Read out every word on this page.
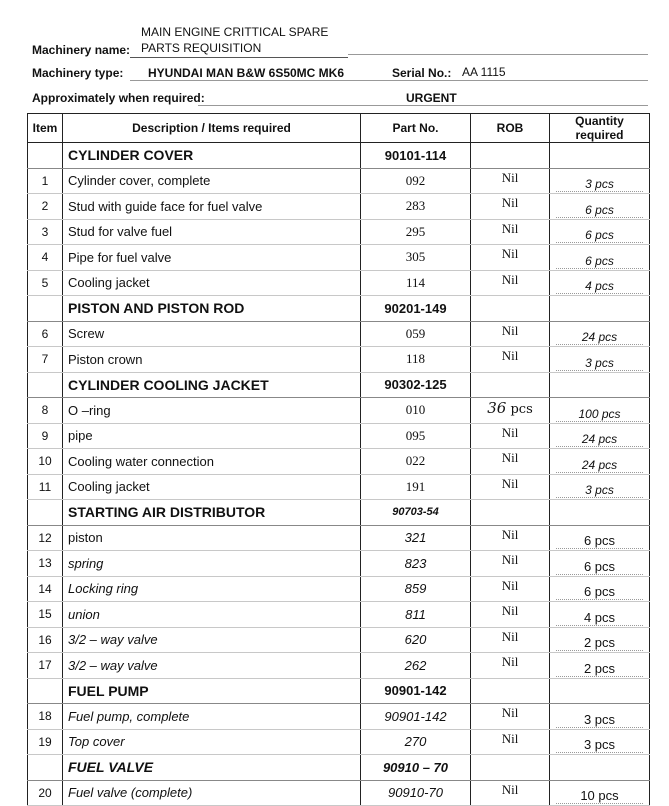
MAIN ENGINE CRITTICAL SPARE
Machinery name: PARTS REQUISITION
Machinery type: HYUNDAI MAN B&W 6S50MC MK6	Serial No.: AA 1115
Approximately when required:	URGENT
Item	Description / Items required	Part No.	ROB	Quantity required
	CYLINDER COVER	90101-114		
1	Cylinder cover, complete	092	Nil	3 pcs
2	Stud with guide face for fuel valve	283	Nil	6 pcs
3	Stud for valve fuel	295	Nil	6 pcs
4	Pipe for fuel valve	305	Nil	6 pcs
5	Cooling jacket	114	Nil	4 pcs
	PISTON AND PISTON ROD	90201-149		
6	Screw	059	Nil	24 pcs
7	Piston crown	118	Nil	3 pcs
	CYLINDER COOLING JACKET	90302-125		
8	O –ring	010	36 pcs	100 pcs
9	pipe	095	Nil	24 pcs
10	Cooling water connection	022	Nil	24 pcs
11	Cooling jacket	191	Nil	3 pcs
	STARTING AIR DISTRIBUTOR	90703-54		
12	piston	321	Nil	6 pcs
13	spring	823	Nil	6 pcs
14	Locking ring	859	Nil	6 pcs
15	union	811	Nil	4 pcs
16	3/2 – way valve	620	Nil	2 pcs
17	3/2 – way valve	262	Nil	2 pcs
	FUEL PUMP	90901-142		
18	Fuel pump, complete	90901-142	Nil	3 pcs
19	Top cover	270	Nil	3 pcs
	FUEL VALVE	90910 – 70		
20	Fuel valve (complete)	90910-70	Nil	10 pcs
